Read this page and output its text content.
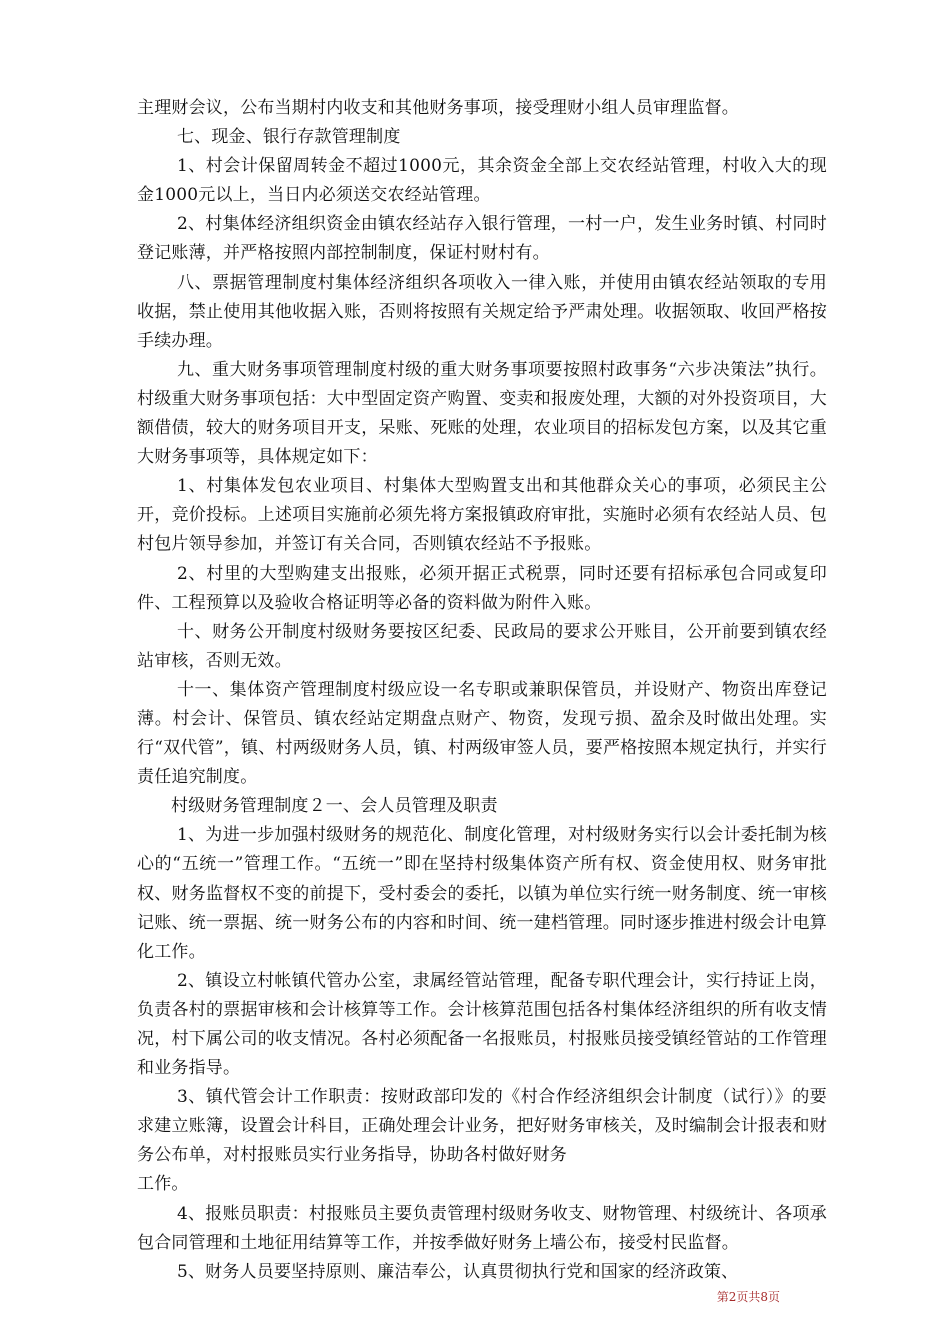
主理财会议，公布当期村内收支和其他财务事项，接受理财小组人员审理监督。

七、现金、银行存款管理制度

1、村会计保留周转金不超过1000元，其余资金全部上交农经站管理，村收入大的现金1000元以上，当日内必须送交农经站管理。

2、村集体经济组织资金由镇农经站存入银行管理，一村一户，发生业务时镇、村同时登记账薄，并严格按照内部控制制度，保证村财村有。

八、票据管理制度村集体经济组织各项收入一律入账，并使用由镇农经站领取的专用收据，禁止使用其他收据入账，否则将按照有关规定给予严肃处理。收据领取、收回严格按手续办理。

九、重大财务事项管理制度村级的重大财务事项要按照村政事务“六步决策法”执行。村级重大财务事项包括：大中型固定资产购置、变卖和报废处理，大额的对外投资项目，大额借债，较大的财务项目开支，呆账、死账的处理，农业项目的招标发包方案，以及其它重大财务事项等，具体规定如下：

1、村集体发包农业项目、村集体大型购置支出和其他群众关心的事项，必须民主公开，竞价投标。上述项目实施前必须先将方案报镇政府审批，实施时必须有农经站人员、包村包片领导参加，并签订有关合同，否则镇农经站不予报账。

2、村里的大型购建支出报账，必须开据正式税票，同时还要有招标承包合同或复印件、工程预算以及验收合格证明等必备的资料做为附件入账。

十、财务公开制度村级财务要按区纪委、民政局的要求公开账目，公开前要到镇农经站审核，否则无效。

十一、集体资产管理制度村级应设一名专职或兼职保管员，并设财产、物资出库登记薄。村会计、保管员、镇农经站定期盘点财产、物资，发现亏损、盈余及时做出处理。实行“双代管”，镇、村两级财务人员，镇、村两级审签人员，要严格按照本规定执行，并实行责任追究制度。

村级财务管理制度２一、会人员管理及职责

1、为进一步加强村级财务的规范化、制度化管理，对村级财务实行以会计委托制为核心的“五统一”管理工作。“五统一”即在坚持村级集体资产所有权、资金使用权、财务审批权、财务监督权不变的前提下，受村委会的委托，以镇为单位实行统一财务制度、统一审核记账、统一票据、统一财务公布的内容和时间、统一建档管理。同时逐步推进村级会计电算化工作。

2、镇设立村帐镇代管办公室，隶属经管站管理，配备专职代理会计，实行持证上岗，负责各村的票据审核和会计核算等工作。会计核算范围包括各村集体经济组织的所有收支情况，村下属公司的收支情况。各村必须配备一名报账员，村报账员接受镇经管站的工作管理和业务指导。

3、镇代管会计工作职责：按财政部印发的《村合作经济组织会计制度（试行）》的要求建立账簿，设置会计科目，正确处理会计业务，把好财务审核关，及时编制会计报表和财务公布单，对村报账员实行业务指导，协助各村做好财务

工作。

4、报账员职责：村报账员主要负责管理村级财务收支、财物管理、村级统计、各项承包合同管理和土地征用结算等工作，并按季做好财务上墙公布，接受村民监督。

5、财务人员要坚持原则、廉洁奉公，认真贯彻执行党和国家的经济政策、

第2页共8页
